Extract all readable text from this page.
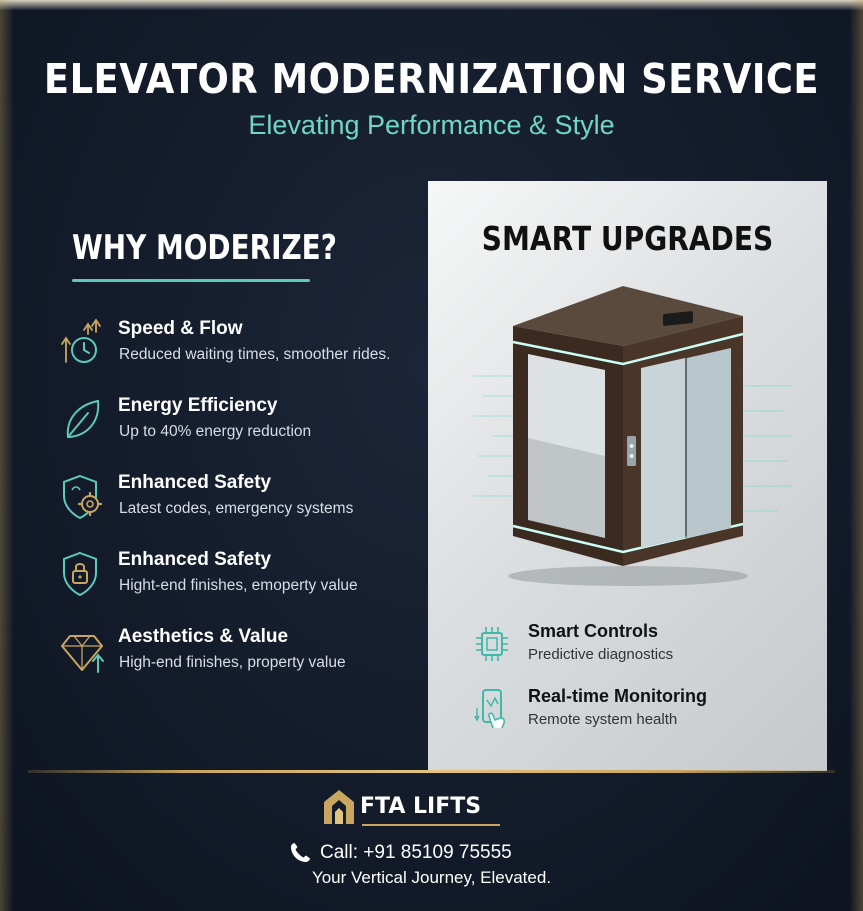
ELEVATOR MODERNIZATION SERVICE
Elevating Performance & Style
WHY MODERIZE?
Speed & Flow
Reduced waiting times, smoother rides.
Energy Efficiency
Up to 40% energy reduction
Enhanced Safety
Latest codes, emergency systems
Enhanced Safety
Hight-end finishes, emoperty value
Aesthetics & Value
High-end finishes, property value
SMART UPGRADES
Smart Controls
Predictive diagnostics
Real-time Monitoring
Remote system health
FTA LIFTS
Call: +91 85109 75555
Your Vertical Journey, Elevated.
